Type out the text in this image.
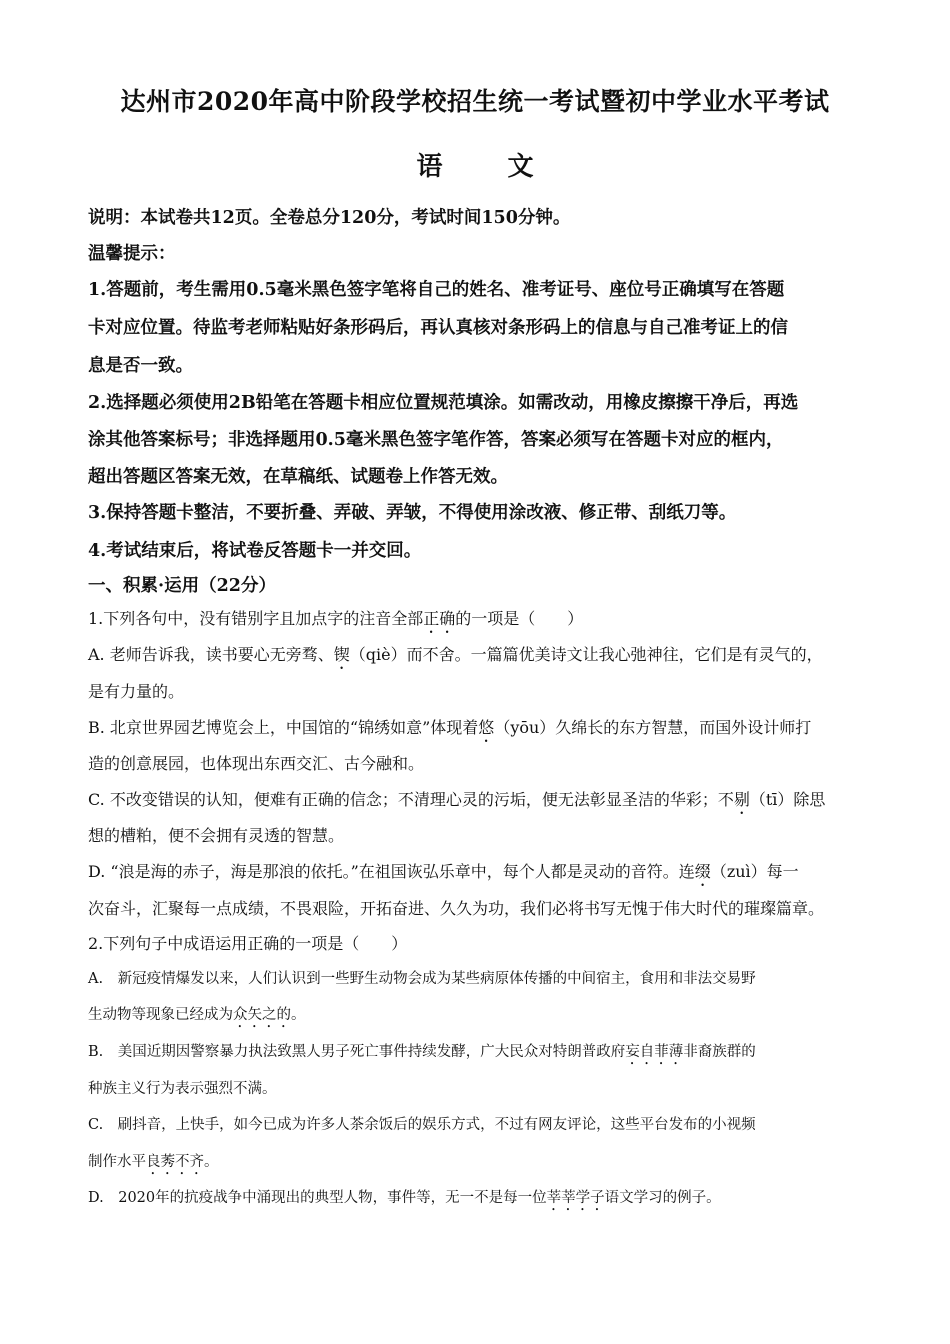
达州市2020年高中阶段学校招生统一考试暨初中学业水平考试
语 文
说明：本试卷共12页。全卷总分120分，考试时间150分钟。
温馨提示：
1.答题前，考生需用0.5毫米黑色签字笔将自己的姓名、准考证号、座位号正确填写在答题
卡对应位置。待监考老师粘贴好条形码后，再认真核对条形码上的信息与自己准考证上的信
息是否一致。
2.选择题必须使用2B铅笔在答题卡相应位置规范填涂。如需改动，用橡皮擦擦干净后，再选
涂其他答案标号；非选择题用0.5毫米黑色签字笔作答，答案必须写在答题卡对应的框内，
超出答题区答案无效，在草稿纸、试题卷上作答无效。
3.保持答题卡整洁，不要折叠、弄破、弄皱，不得使用涂改液、修正带、刮纸刀等。
4.考试结束后，将试卷反答题卡一并交回。
一、积累·运用（22分）
1.下列各句中，没有错别字且加点字的注音全部正确的一项是（　　）
A. 老师告诉我，读书要心无旁骛、锲（qiè）而不舍。一篇篇优美诗文让我心弛神往，它们是有灵气的，
是有力量的。
B. 北京世界园艺博览会上，中国馆的“锦绣如意”体现着悠（yōu）久绵长的东方智慧，而国外设计师打
造的创意展园，也体现出东西交汇、古今融和。
C. 不改变错误的认知，便难有正确的信念；不清理心灵的污垢，便无法彰显圣洁的华彩；不剔（tī）除思
想的槽粕，便不会拥有灵透的智慧。
D. “浪是海的赤子，海是那浪的依托。”在祖国诙弘乐章中，每个人都是灵动的音符。连缀（zuì）每一
次奋斗，汇聚每一点成绩，不畏艰险，开拓奋进、久久为功，我们必将书写无愧于伟大时代的璀璨篇章。
2.下列句子中成语运用正确的一项是（　　）
A.　新冠疫情爆发以来，人们认识到一些野生动物会成为某些病原体传播的中间宿主，食用和非法交易野
生动物等现象已经成为众矢之的。
B.　美国近期因警察暴力执法致黑人男子死亡事件持续发酵，广大民众对特朗普政府妄自菲薄非裔族群的
种族主义行为表示强烈不满。
C.　刷抖音，上快手，如今已成为许多人茶余饭后的娱乐方式，不过有网友评论，这些平台发布的小视频
制作水平良莠不齐。
D.　2020年的抗疫战争中涌现出的典型人物，事件等，无一不是每一位莘莘学子语文学习的例子。
